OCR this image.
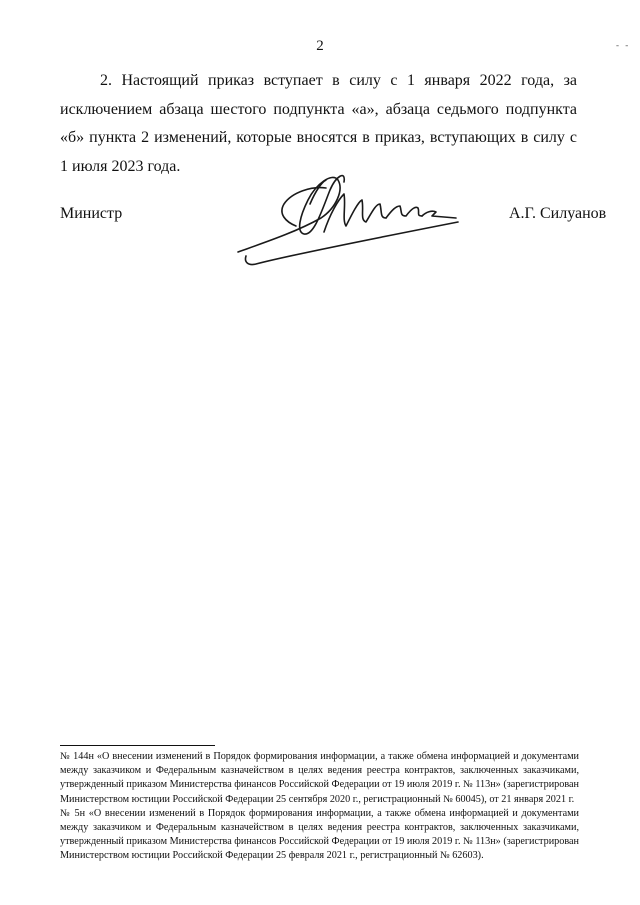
2	- -

2. Настоящий приказ вступает в силу с 1 января 2022 года, за исключением абзаца шестого подпункта «а», абзаца седьмого подпункта «б» пункта 2 изменений, которые вносятся в приказ, вступающих в силу с 1 июля 2023 года.

Министр	А.Г. Силуанов

№ 144н «О внесении изменений в Порядок формирования информации, а также обмена информацией и документами между заказчиком и Федеральным казначейством в целях ведения реестра контрактов, заключенных заказчиками, утвержденный приказом Министерства финансов Российской Федерации от 19 июля 2019 г. № 113н» (зарегистрирован Министерством юстиции Российской Федерации 25 сентября 2020 г., регистрационный № 60045), от 21 января 2021 г.

№ 5н «О внесении изменений в Порядок формирования информации, а также обмена информацией и документами между заказчиком и Федеральным казначейством в целях ведения реестра контрактов, заключенных заказчиками, утвержденный приказом Министерства финансов Российской Федерации от 19 июля 2019 г. № 113н» (зарегистрирован Министерством юстиции Российской Федерации 25 февраля 2021 г., регистрационный № 62603).
